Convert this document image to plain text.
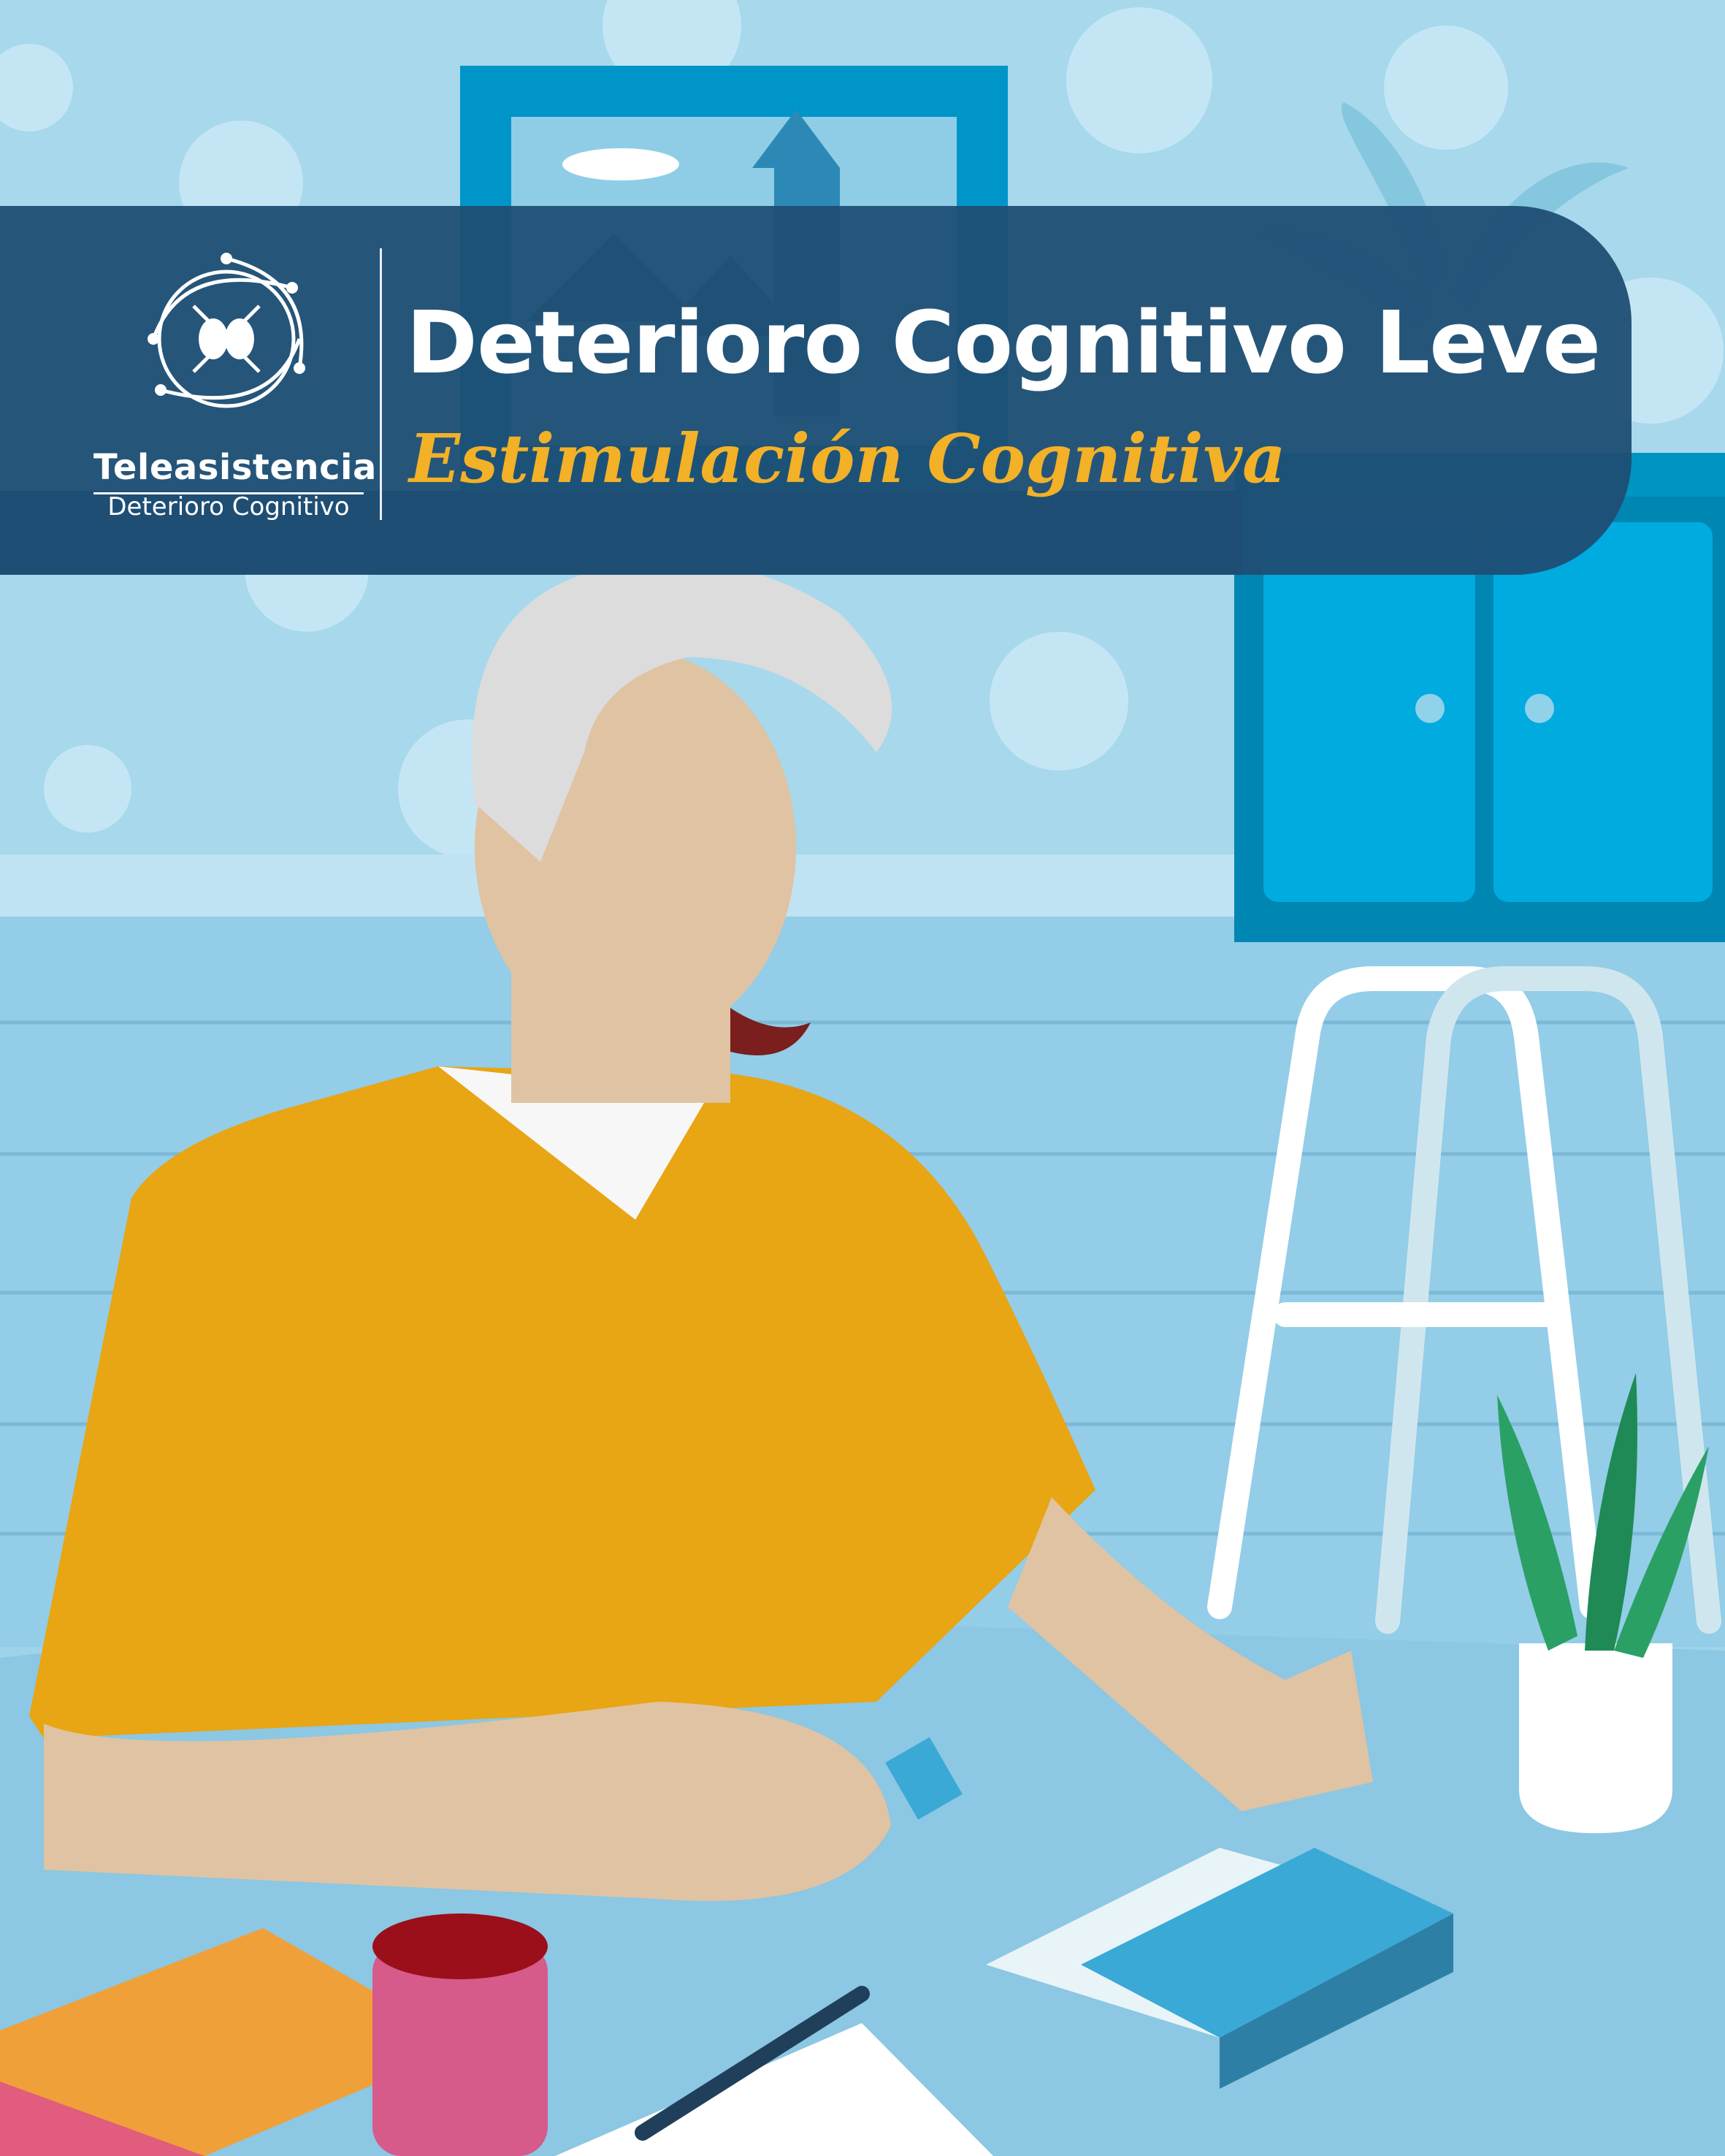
Teleasistencia
Deterioro Cognitivo
Deterioro Cognitivo Leve
Estimulación Cognitiva
